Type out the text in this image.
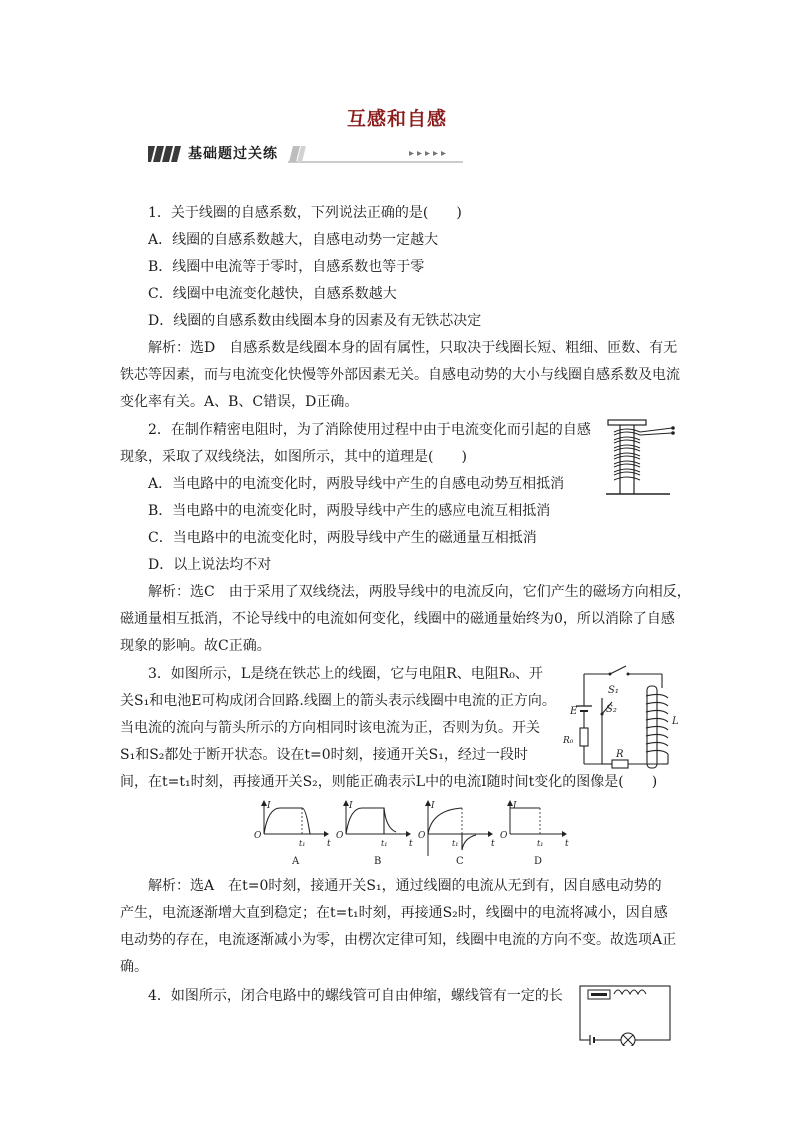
互感和自感
基础题过关练
1．关于线圈的自感系数，下列说法正确的是(　　)
A．线圈的自感系数越大，自感电动势一定越大
B．线圈中电流等于零时，自感系数也等于零
C．线圈中电流变化越快，自感系数越大
D．线圈的自感系数由线圈本身的因素及有无铁芯决定
解析：选D　自感系数是线圈本身的固有属性，只取决于线圈长短、粗细、匝数、有无
铁芯等因素，而与电流变化快慢等外部因素无关。自感电动势的大小与线圈自感系数及电流
变化率有关。A、B、C错误，D正确。
2．在制作精密电阻时，为了消除使用过程中由于电流变化而引起的自感
现象，采取了双线绕法，如图所示，其中的道理是(　　)
A．当电路中的电流变化时，两股导线中产生的自感电动势互相抵消
B．当电路中的电流变化时，两股导线中产生的感应电流互相抵消
C．当电路中的电流变化时，两股导线中产生的磁通量互相抵消
D．以上说法均不对
解析：选C　由于采用了双线绕法，两股导线中的电流反向，它们产生的磁场方向相反，
磁通量相互抵消，不论导线中的电流如何变化，线圈中的磁通量始终为0，所以消除了自感
现象的影响。故C正确。
3．如图所示，L是绕在铁芯上的线圈，它与电阻R、电阻R₀、开
关S₁和电池E可构成闭合回路.线圈上的箭头表示线圈中电流的正方向。
当电流的流向与箭头所示的方向相同时该电流为正，否则为负。开关
S₁和S₂都处于断开状态。设在t=0时刻，接通开关S₁，经过一段时
间，在t=t₁时刻，再接通开关S₂，则能正确表示L中的电流I随时间t变化的图像是(　　)
S₁
E
R₀
S₂
R
L
O
I
t
t₁
A
O
I
t
t₁
B
O
I
t
t₁
C
O
I
t
t₁
D
解析：选A　在t=0时刻，接通开关S₁，通过线圈的电流从无到有，因自感电动势的
产生，电流逐渐增大直到稳定；在t=t₁时刻，再接通S₂时，线圈中的电流将减小，因自感
电动势的存在，电流逐渐减小为零，由楞次定律可知，线圈中电流的方向不变。故选项A正
确。
4．如图所示，闭合电路中的螺线管可自由伸缩，螺线管有一定的长
